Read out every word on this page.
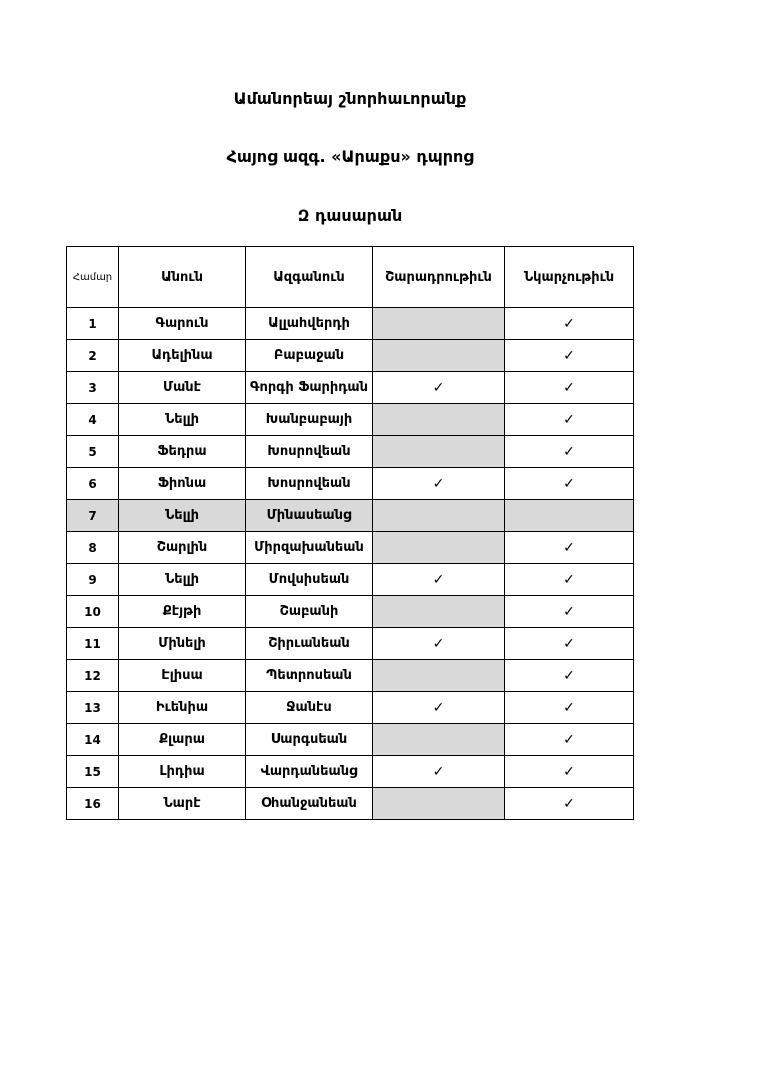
Ամանորեայ շնորհաւորանք
Հայոց ազգ. «Արաքս» դպրոց
Զ դասարան
Համար	Անուն	Ազգանուն	Շարադրութիւն	Նկարչութիւն
1	Գարուն	Ալլահվերդի		✓
2	Ադելինա	Բաբաջան		✓
3	Մանէ	Գորգի Ֆարիդան	✓	✓
4	Նելլի	Խանբաբայի		✓
5	Ֆեդրա	Խոսրովեան		✓
6	Ֆիոնա	Խոսրովեան	✓	✓
7	Նելլի	Մինասեանց		
8	Շարլին	Միրզախանեան		✓
9	Նելլի	Մովսիսեան	✓	✓
10	Քէյթի	Շաբանի		✓
11	Մինելի	Շիրւանեան	✓	✓
12	Էլիսա	Պետրոսեան		✓
13	Իւենիա	Ջանէս	✓	✓
14	Քլարա	Սարգսեան		✓
15	Լիդիա	Վարդանեանց	✓	✓
16	Նարէ	Օհանջանեան		✓
